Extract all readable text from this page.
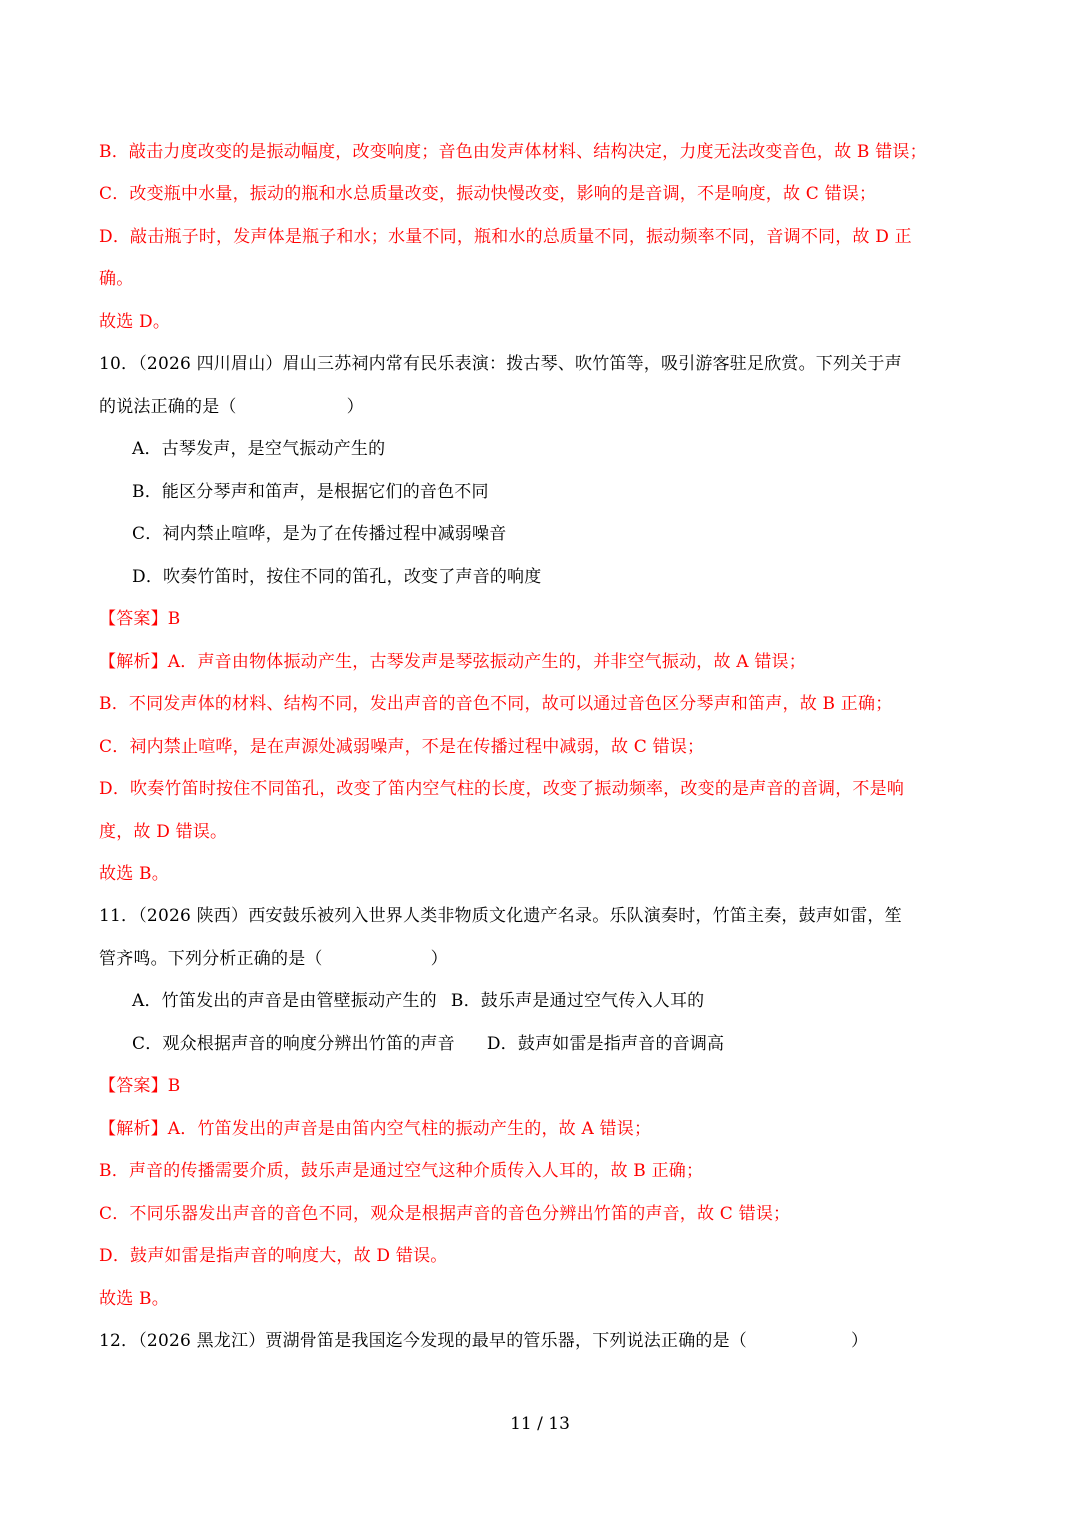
B．敲击力度改变的是振动幅度，改变响度；音色由发声体材料、结构决定，力度无法改变音色，故 B 错误；
C．改变瓶中水量，振动的瓶和水总质量改变，振动快慢改变，影响的是音调，不是响度，故 C 错误；
D．敲击瓶子时，发声体是瓶子和水；水量不同，瓶和水的总质量不同，振动频率不同，音调不同，故 D 正
确。
故选 D。
10．（2026 四川眉山）眉山三苏祠内常有民乐表演：拨古琴、吹竹笛等，吸引游客驻足欣赏。下列关于声
的说法正确的是（	）
A．古琴发声，是空气振动产生的
B．能区分琴声和笛声，是根据它们的音色不同
C．祠内禁止喧哗，是为了在传播过程中减弱噪音
D．吹奏竹笛时，按住不同的笛孔，改变了声音的响度
【答案】B
【解析】A．声音由物体振动产生，古琴发声是琴弦振动产生的，并非空气振动，故 A 错误；
B．不同发声体的材料、结构不同，发出声音的音色不同，故可以通过音色区分琴声和笛声，故 B 正确；
C．祠内禁止喧哗，是在声源处减弱噪声，不是在传播过程中减弱，故 C 错误；
D．吹奏竹笛时按住不同笛孔，改变了笛内空气柱的长度，改变了振动频率，改变的是声音的音调，不是响
度，故 D 错误。
故选 B。
11．（2026 陕西）西安鼓乐被列入世界人类非物质文化遗产名录。乐队演奏时，竹笛主奏，鼓声如雷，笙
管齐鸣。下列分析正确的是（	）
A．竹笛发出的声音是由管壁振动产生的 B．鼓乐声是通过空气传入人耳的
C．观众根据声音的响度分辨出竹笛的声音 D．鼓声如雷是指声音的音调高
【答案】B
【解析】A．竹笛发出的声音是由笛内空气柱的振动产生的，故 A 错误；
B．声音的传播需要介质，鼓乐声是通过空气这种介质传入人耳的，故 B 正确；
C．不同乐器发出声音的音色不同，观众是根据声音的音色分辨出竹笛的声音，故 C 错误；
D．鼓声如雷是指声音的响度大，故 D 错误。
故选 B。
12．（2026 黑龙江）贾湖骨笛是我国迄今发现的最早的管乐器，下列说法正确的是（	）
11 / 13
